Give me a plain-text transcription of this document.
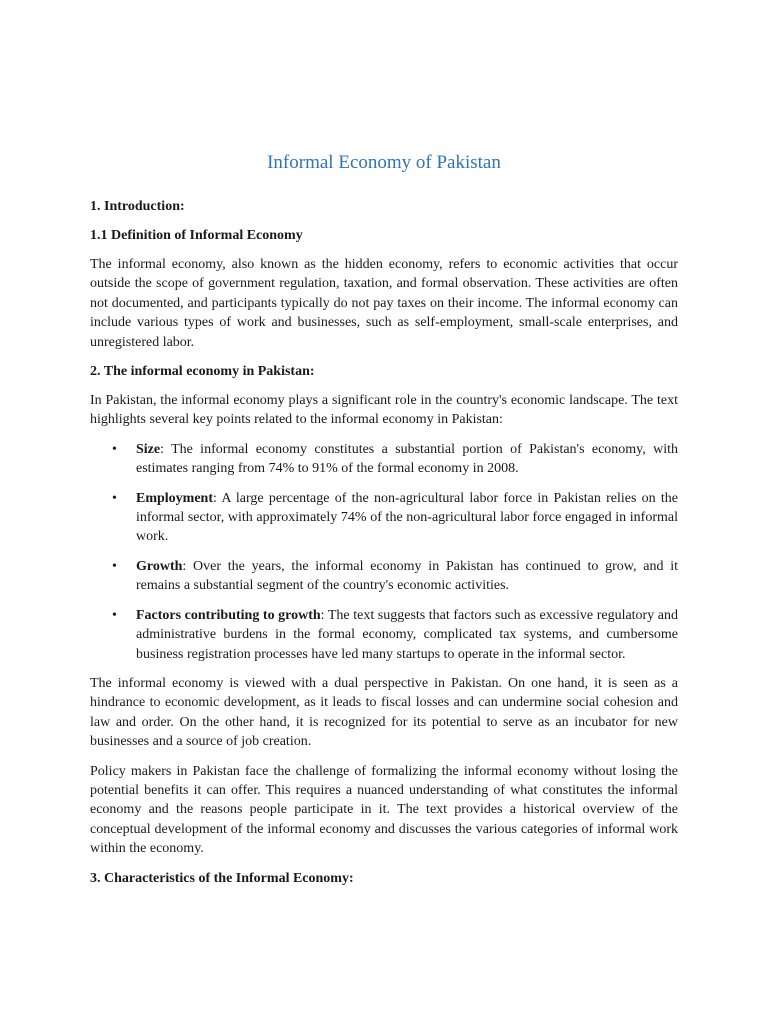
Informal Economy of Pakistan
1. Introduction:
1.1 Definition of Informal Economy

The informal economy, also known as the hidden economy, refers to economic activities that occur outside the scope of government regulation, taxation, and formal observation. These activities are often not documented, and participants typically do not pay taxes on their income. The informal economy can include various types of work and businesses, such as self-employment, small-scale enterprises, and unregistered labor.

2. The informal economy in Pakistan:

In Pakistan, the informal economy plays a significant role in the country's economic landscape. The text highlights several key points related to the informal economy in Pakistan:

• Size: The informal economy constitutes a substantial portion of Pakistan's economy, with estimates ranging from 74% to 91% of the formal economy in 2008.
• Employment: A large percentage of the non-agricultural labor force in Pakistan relies on the informal sector, with approximately 74% of the non-agricultural labor force engaged in informal work.
• Growth: Over the years, the informal economy in Pakistan has continued to grow, and it remains a substantial segment of the country's economic activities.
• Factors contributing to growth: The text suggests that factors such as excessive regulatory and administrative burdens in the formal economy, complicated tax systems, and cumbersome business registration processes have led many startups to operate in the informal sector.

The informal economy is viewed with a dual perspective in Pakistan. On one hand, it is seen as a hindrance to economic development, as it leads to fiscal losses and can undermine social cohesion and law and order. On the other hand, it is recognized for its potential to serve as an incubator for new businesses and a source of job creation.

Policy makers in Pakistan face the challenge of formalizing the informal economy without losing the potential benefits it can offer. This requires a nuanced understanding of what constitutes the informal economy and the reasons people participate in it. The text provides a historical overview of the conceptual development of the informal economy and discusses the various categories of informal work within the economy.

3. Characteristics of the Informal Economy:
